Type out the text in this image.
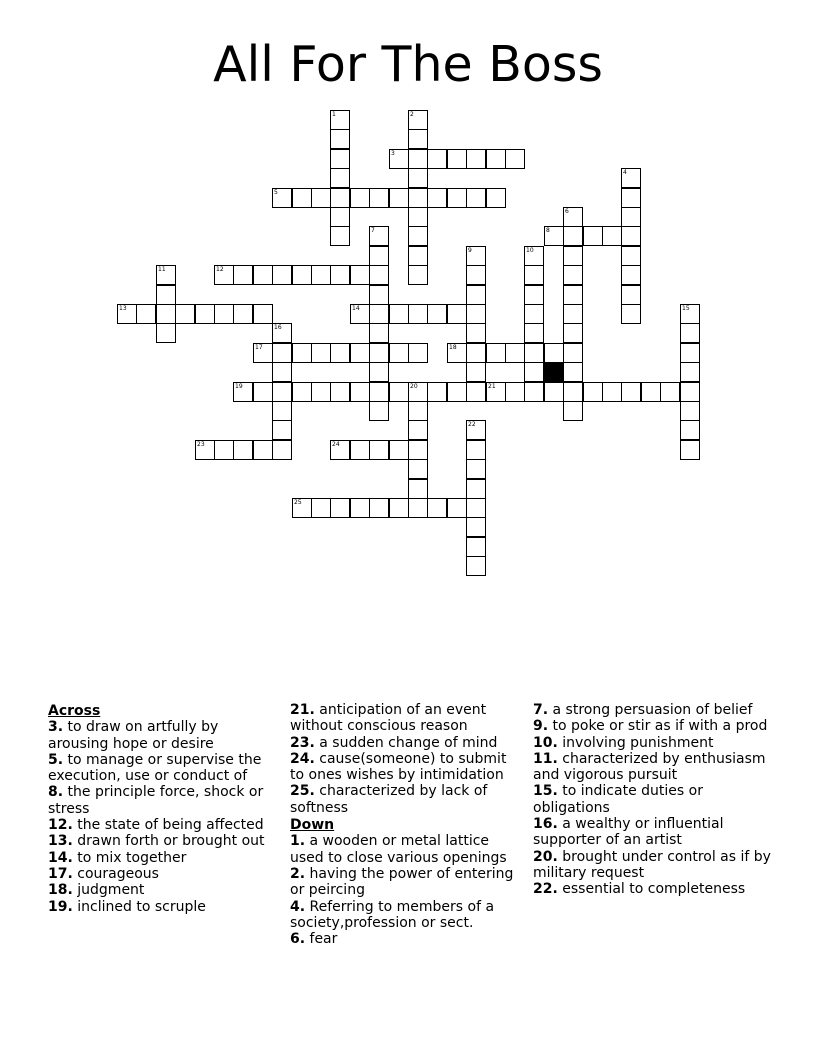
All For The Boss
1	2
3
4
5
6
7	8
9	10
11	12
13	14	15
16
17	18
19	20	21
22
23	24
25
Across
3. to draw on artfully by arousing hope or desire
5. to manage or supervise the execution, use or conduct of
8. the principle force, shock or stress
12. the state of being affected
13. drawn forth or brought out
14. to mix together
17. courageous
18. judgment
19. inclined to scruple
21. anticipation of an event without conscious reason
23. a sudden change of mind
24. cause(someone) to submit to ones wishes by intimidation
25. characterized by lack of softness
Down
1. a wooden or metal lattice used to close various openings
2. having the power of entering or peircing
4. Referring to members of a society,profession or sect.
6. fear
7. a strong persuasion of belief
9. to poke or stir as if with a prod
10. involving punishment
11. characterized by enthusiasm and vigorous pursuit
15. to indicate duties or obligations
16. a wealthy or influential supporter of an artist
20. brought under control as if by military request
22. essential to completeness
